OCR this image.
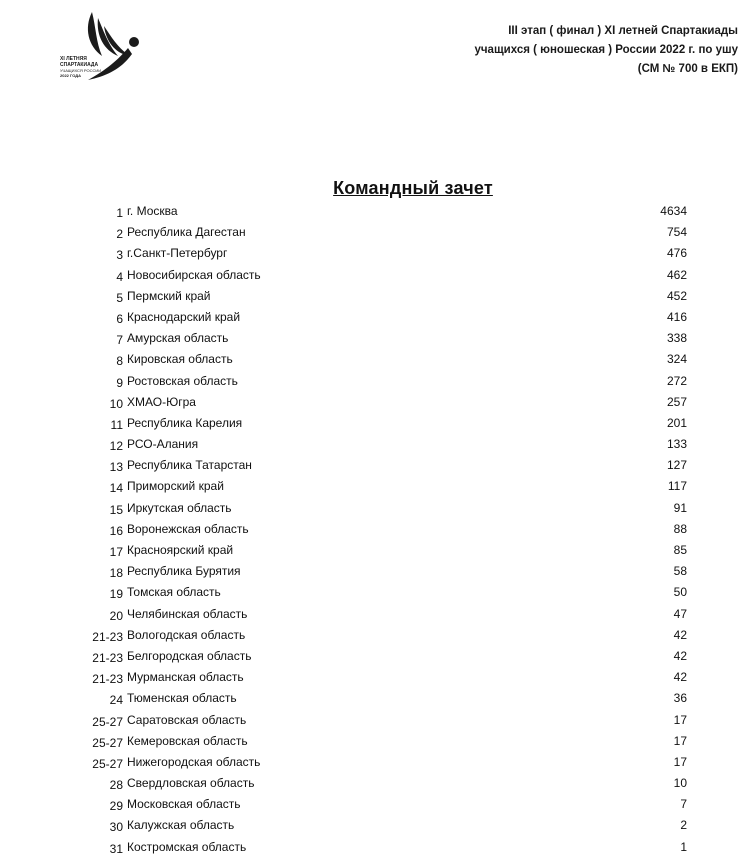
XI ЛЕТНЯЯ
СПАРТАКИАДА
УЧАЩИХСЯ РОССИИ
2022 ГОДА
III этап ( финал ) XI летней Спартакиады
учащихся ( юношеская ) России 2022 г. по ушу
(СМ № 700 в ЕКП)
Командный зачет
1 г. Москва	4634
2 Республика Дагестан	754
3 г.Санкт-Петербург	476
4 Новосибирская область	462
5 Пермский край	452
6 Краснодарский край	416
7 Амурская область	338
8 Кировская область	324
9 Ростовская область	272
10 ХМАО-Югра	257
11 Республика Карелия	201
12 РСО-Алания	133
13 Республика Татарстан	127
14 Приморский край	117
15 Иркутская область	91
16 Воронежская область	88
17 Красноярский край	85
18 Республика Бурятия	58
19 Томская область	50
20 Челябинская область	47
21-23 Вологодская область	42
21-23 Белгородская область	42
21-23 Мурманская область	42
24 Тюменская область	36
25-27 Саратовская область	17
25-27 Кемеровская область	17
25-27 Нижегородская область	17
28 Свердловская область	10
29 Московская область	7
30 Калужская область	2
31 Костромская область	1
